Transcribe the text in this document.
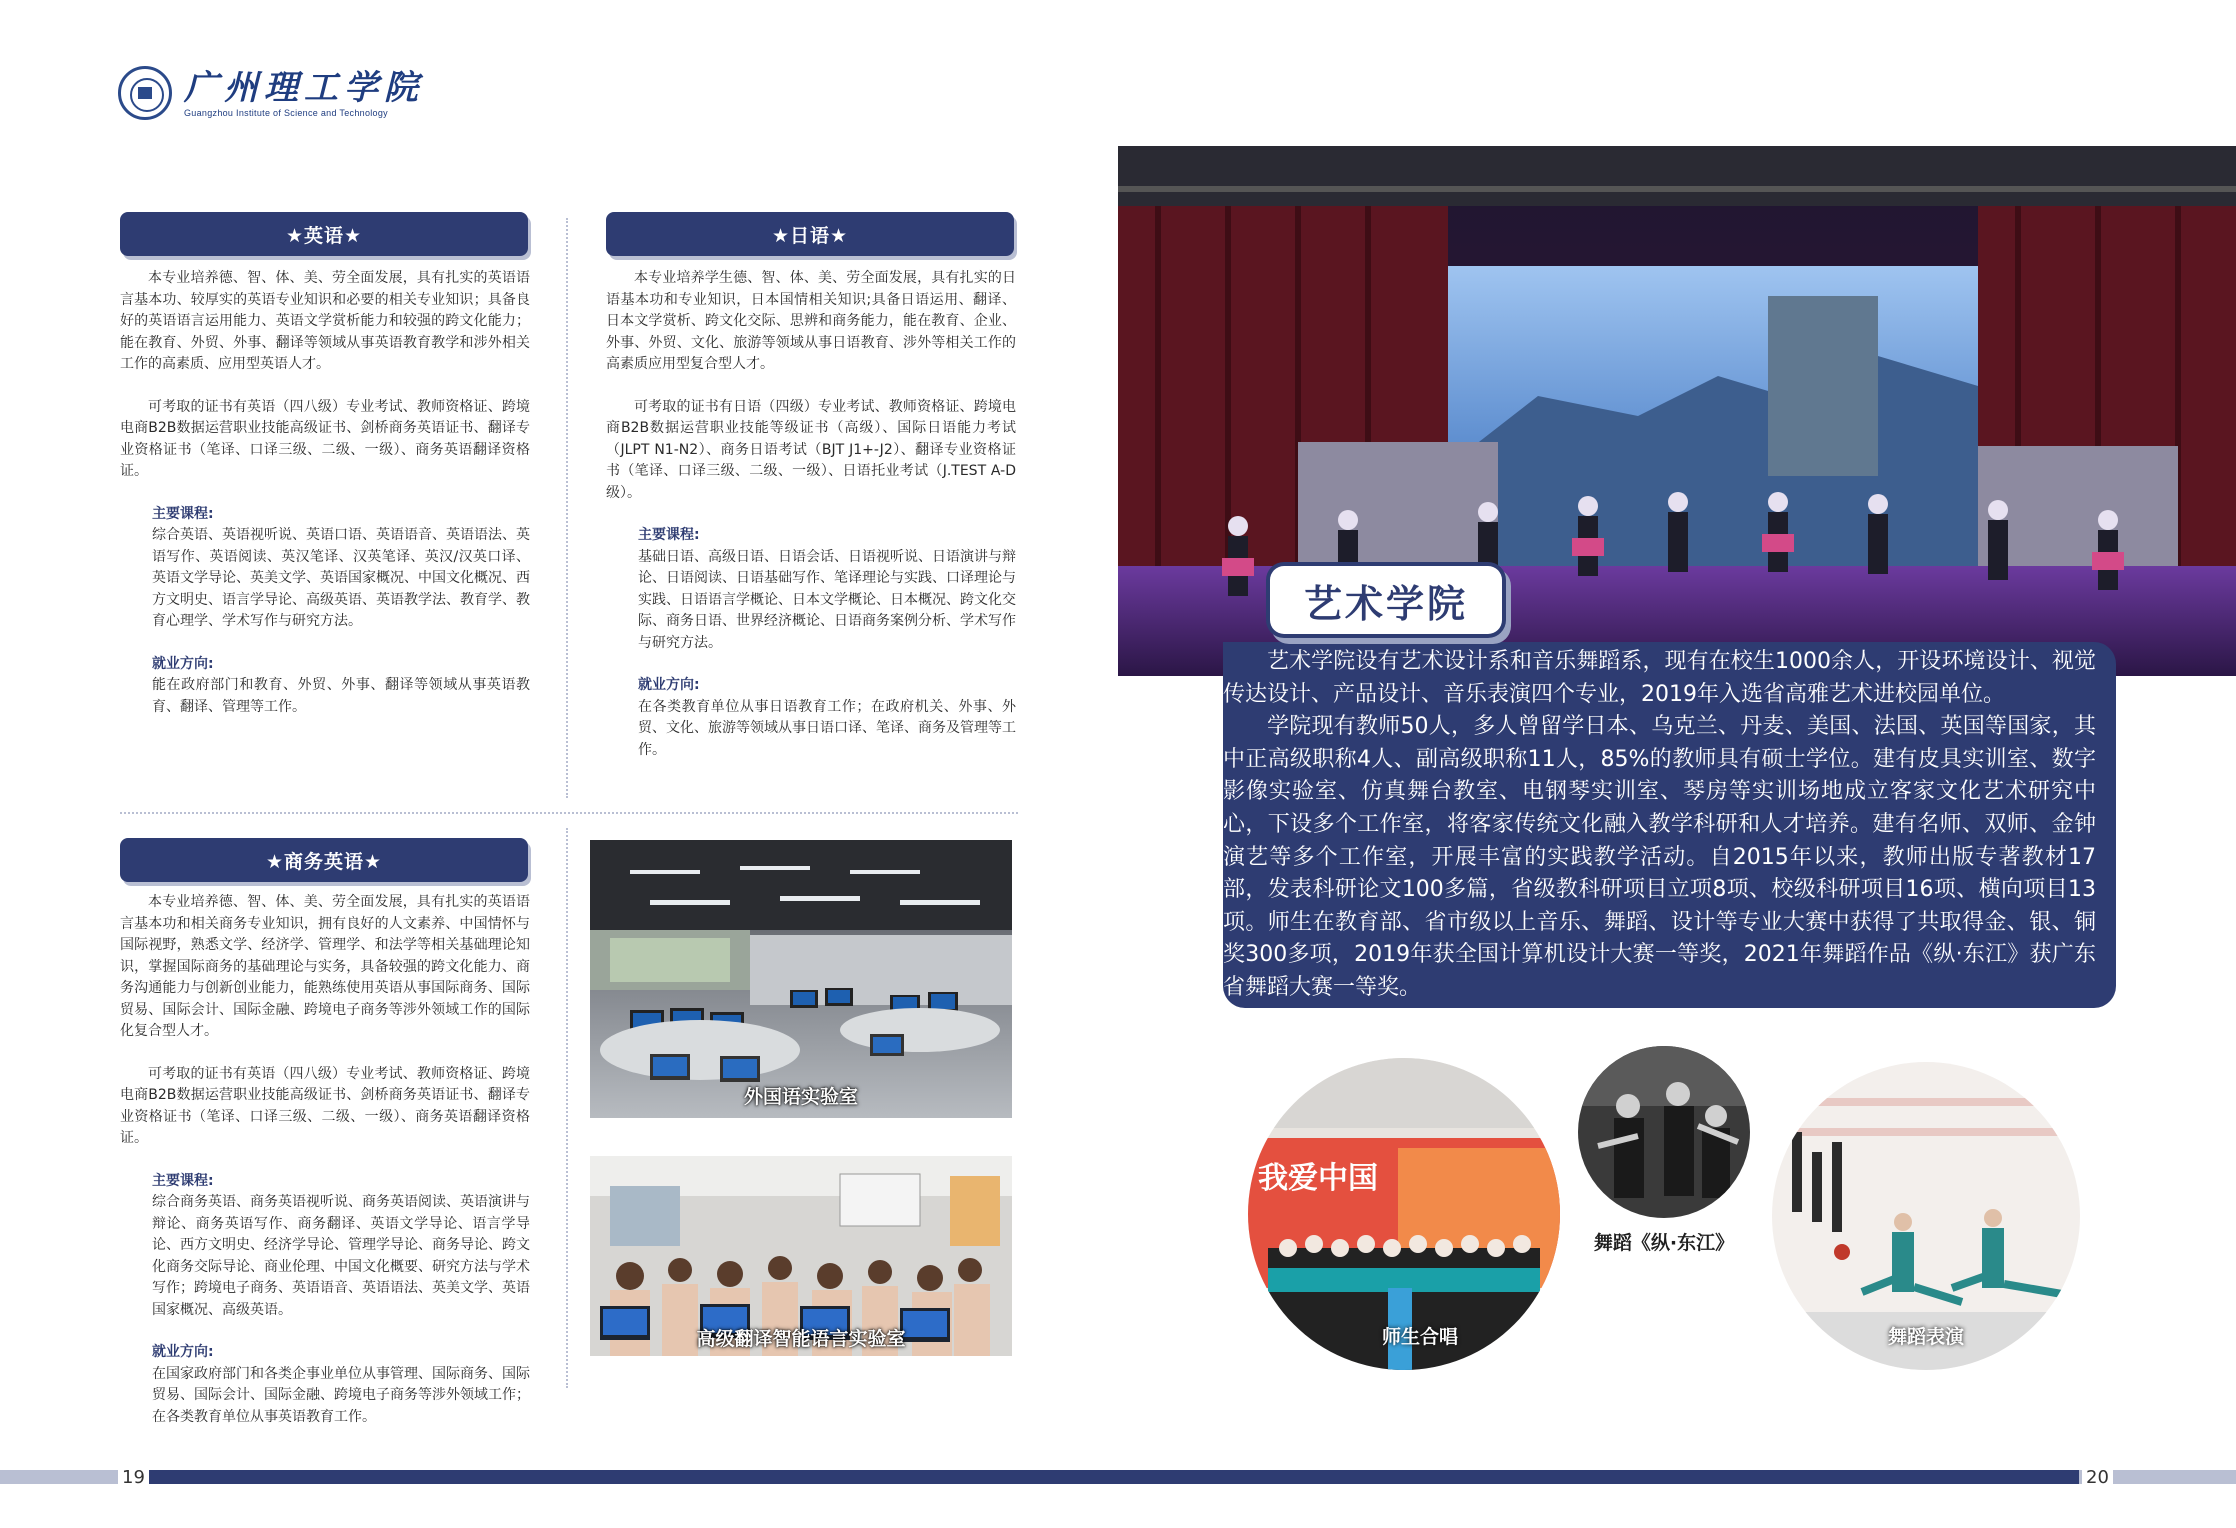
广州理工学院
Guangzhou Institute of Science and Technology
★英语★

本专业培养德、智、体、美、劳全面发展，具有扎实的英语语言基本功、较厚实的英语专业知识和必要的相关专业知识；具备良好的英语语言运用能力、英语文学赏析能力和较强的跨文化能力；能在教育、外贸、外事、翻译等领域从事英语教育教学和涉外相关工作的高素质、应用型英语人才。

可考取的证书有英语（四八级）专业考试、教师资格证、跨境电商B2B数据运营职业技能高级证书、剑桥商务英语证书、翻译专业资格证书（笔译、口译三级、二级、一级）、商务英语翻译资格证。

主要课程:
综合英语、英语视听说、英语口语、英语语音、英语语法、英语写作、英语阅读、英汉笔译、汉英笔译、英汉/汉英口译、英语文学导论、英美文学、英语国家概况、中国文化概况、西方文明史、语言学导论、高级英语、英语教学法、教育学、教育心理学、学术写作与研究方法。
就业方向:
能在政府部门和教育、外贸、外事、翻译等领域从事英语教育、翻译、管理等工作。
★日语★

本专业培养学生德、智、体、美、劳全面发展，具有扎实的日语基本功和专业知识，日本国情相关知识;具备日语运用、翻译、日本文学赏析、跨文化交际、思辨和商务能力，能在教育、企业、外事、外贸、文化、旅游等领域从事日语教育、涉外等相关工作的高素质应用型复合型人才。

可考取的证书有日语（四级）专业考试、教师资格证、跨境电商B2B数据运营职业技能等级证书（高级）、国际日语能力考试（JLPT N1-N2）、商务日语考试（BJT J1+-J2）、翻译专业资格证书（笔译、口译三级、二级、一级）、日语托业考试（J.TEST A-D级）。

主要课程:
基础日语、高级日语、日语会话、日语视听说、日语演讲与辩论、日语阅读、日语基础写作、笔译理论与实践、口译理论与实践、日语语言学概论、日本文学概论、日本概况、跨文化交际、商务日语、世界经济概论、日语商务案例分析、学术写作与研究方法。
就业方向:
在各类教育单位从事日语教育工作；在政府机关、外事、外贸、文化、旅游等领域从事日语口译、笔译、商务及管理等工作。
★商务英语★

本专业培养德、智、体、美、劳全面发展，具有扎实的英语语言基本功和相关商务专业知识，拥有良好的人文素养、中国情怀与国际视野，熟悉文学、经济学、管理学、和法学等相关基础理论知识，掌握国际商务的基础理论与实务，具备较强的跨文化能力、商务沟通能力与创新创业能力，能熟练使用英语从事国际商务、国际贸易、国际会计、国际金融、跨境电子商务等涉外领域工作的国际化复合型人才。

可考取的证书有英语（四八级）专业考试、教师资格证、跨境电商B2B数据运营职业技能高级证书、剑桥商务英语证书、翻译专业资格证书（笔译、口译三级、二级、一级）、商务英语翻译资格证。

主要课程:
综合商务英语、商务英语视听说、商务英语阅读、英语演讲与辩论、商务英语写作、商务翻译、英语文学导论、语言学导论、西方文明史、经济学导论、管理学导论、商务导论、跨文化商务交际导论、商业伦理、中国文化概要、研究方法与学术写作；跨境电子商务、英语语音、英语语法、英美文学、英语国家概况、高级英语。
就业方向:
在国家政府部门和各类企事业单位从事管理、国际商务、国际贸易、国际会计、国际金融、跨境电子商务等涉外领域工作；在各类教育单位从事英语教育工作。
外国语实验室
高级翻译智能语言实验室

艺术学院设有艺术设计系和音乐舞蹈系，现有在校生1000余人，开设环境设计、视觉传达设计、产品设计、音乐表演四个专业，2019年入选省高雅艺术进校园单位。

学院现有教师50人，多人曾留学日本、乌克兰、丹麦、美国、法国、英国等国家，其中正高级职称4人、副高级职称11人，85%的教师具有硕士学位。建有皮具实训室、数字影像实验室、仿真舞台教室、电钢琴实训室、琴房等实训场地成立客家文化艺术研究中心，下设多个工作室，将客家传统文化融入教学科研和人才培养。建有名师、双师、金钟演艺等多个工作室，开展丰富的实践教学活动。自2015年以来，教师出版专著教材17部，发表科研论文100多篇，省级教科研项目立项8项、校级科研项目16项、横向项目13项。师生在教育部、省市级以上音乐、舞蹈、设计等专业大赛中获得了共取得金、银、铜奖300多项，2019年获全国计算机设计大赛一等奖，2021年舞蹈作品《纵·东江》获广东省舞蹈大赛一等奖。

艺术学院
我爱中国
师生合唱
舞蹈《纵·东江》
舞蹈表演
19	20
